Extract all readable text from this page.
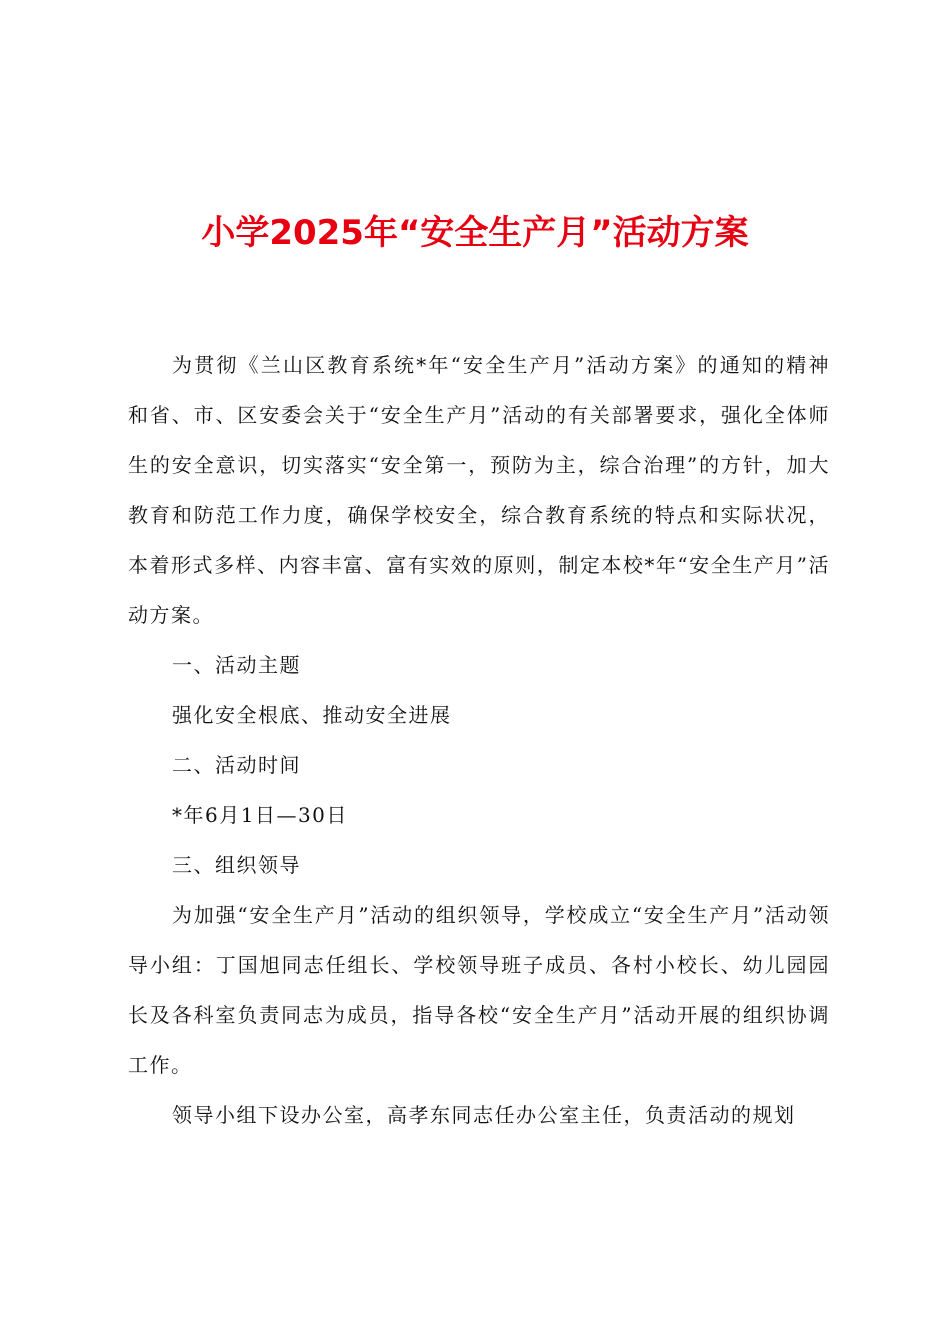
小学2025年“安全生产月”活动方案

为贯彻《兰山区教育系统*年“安全生产月”活动方案》的通知的精神和省、市、区安委会关于“安全生产月”活动的有关部署要求，强化全体师生的安全意识，切实落实“安全第一，预防为主，综合治理”的方针，加大教育和防范工作力度，确保学校安全，综合教育系统的特点和实际状况，本着形式多样、内容丰富、富有实效的原则，制定本校*年“安全生产月”活动方案。

一、活动主题

强化安全根底、推动安全进展

二、活动时间

*年6月1日—30日

三、组织领导

为加强“安全生产月”活动的组织领导，学校成立“安全生产月”活动领导小组：丁国旭同志任组长、学校领导班子成员、各村小校长、幼儿园园长及各科室负责同志为成员，指导各校“安全生产月”活动开展的组织协调工作。

领导小组下设办公室，高孝东同志任办公室主任，负责活动的规划
